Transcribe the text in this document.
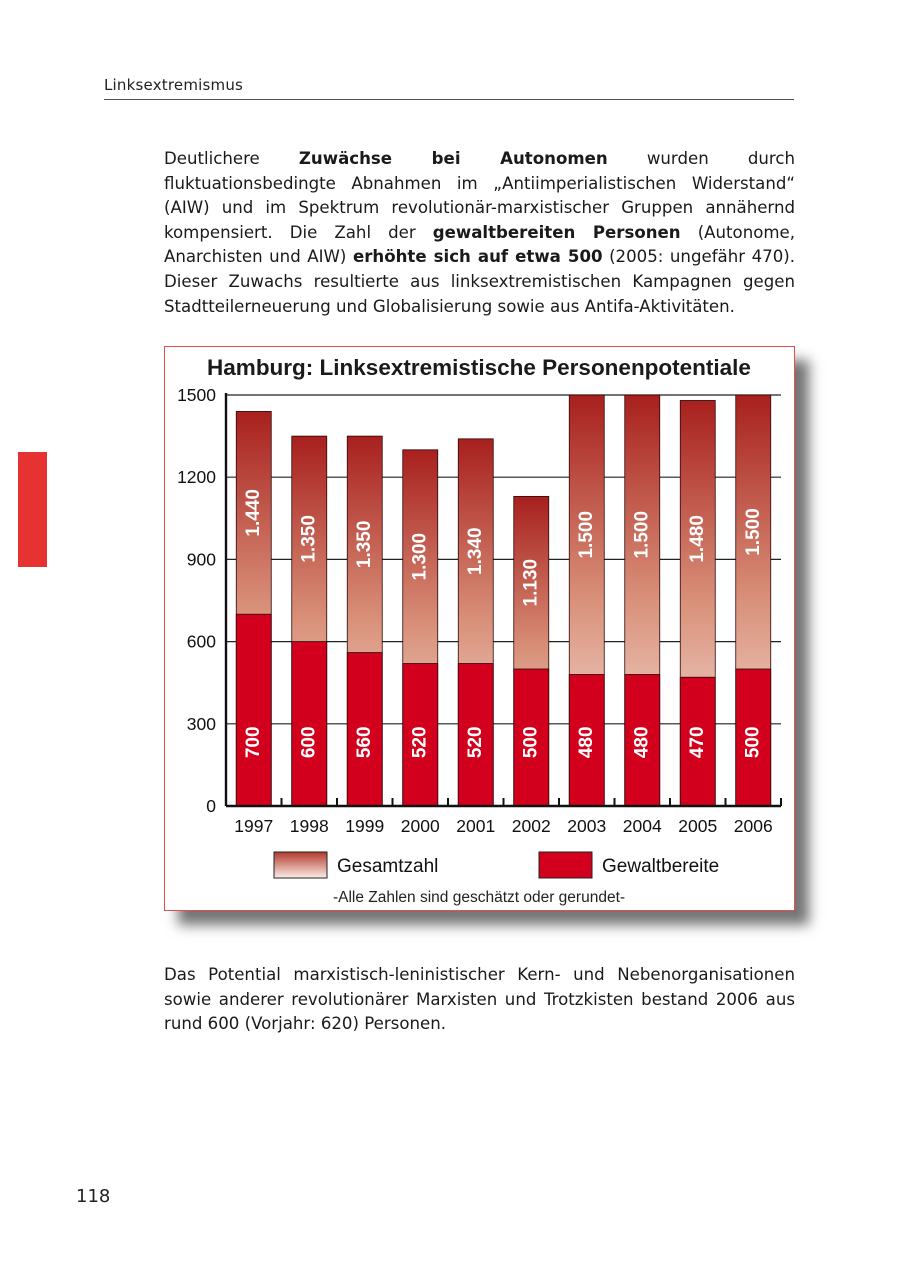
Linksextremismus

Deutlichere Zuwächse bei Autonomen wurden durch fluktuationsbedingte Abnahmen im „Antiimperialistischen Widerstand“ (AIW) und im Spektrum revolutionär-marxistischer Gruppen annähernd kompensiert. Die Zahl der gewaltbereiten Personen (Autonome, Anarchisten und AIW) erhöhte sich auf etwa 500 (2005: ungefähr 470). Dieser Zuwachs resultierte aus linksextremistischen Kampagnen gegen Stadtteilerneuerung und Globalisierung sowie aus Antifa-Aktivitäten.

Hamburg: Linksextremistische Personenpotentiale
0
300
600
900
1200
1500
1.440
700
1997
1.350
600
1998
1.350
560
1999
1.300
520
2000
1.340
520
2001
1.130
500
2002
1.500
480
2003
1.500
480
2004
1.480
470
2005
1.500
500
2006
Gesamtzahl	Gewaltbereite
-Alle Zahlen sind geschätzt oder gerundet-

Das Potential marxistisch-leninistischer Kern- und Nebenorganisationen sowie anderer revolutionärer Marxisten und Trotzkisten bestand 2006 aus rund 600 (Vorjahr: 620) Personen.

118
